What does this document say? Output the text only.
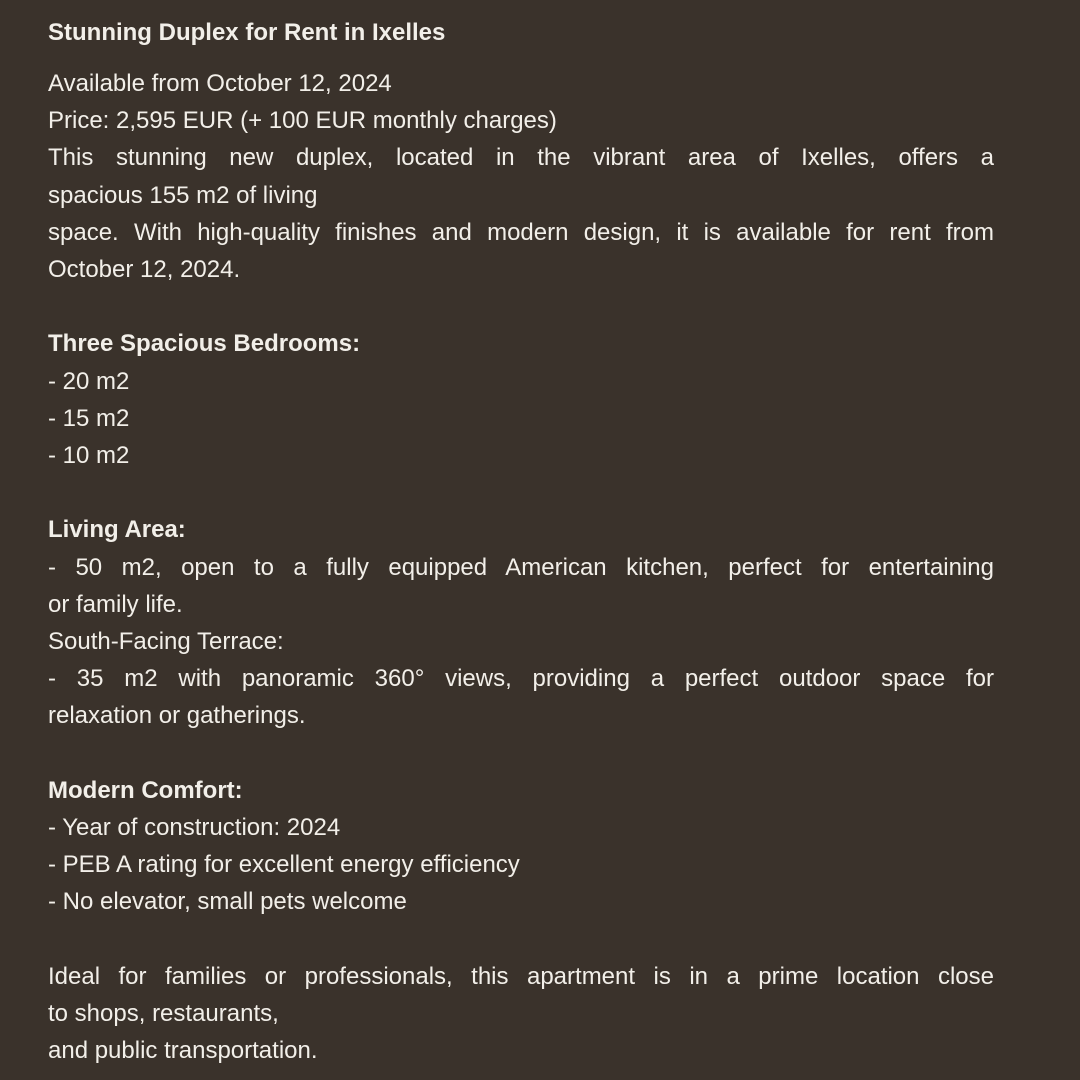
Stunning Duplex for Rent in Ixelles
Available from October 12, 2024
Price: 2,595 EUR (+ 100 EUR monthly charges)
This stunning new duplex, located in the vibrant area of Ixelles, offers a
spacious 155 m2 of living
space. With high-quality finishes and modern design, it is available for rent from
October 12, 2024.
Three Spacious Bedrooms:
- 20 m2
- 15 m2
- 10 m2
Living Area:
- 50 m2, open to a fully equipped American kitchen, perfect for entertaining
or family life.
South-Facing Terrace:
- 35 m2 with panoramic 360° views, providing a perfect outdoor space for
relaxation or gatherings.
Modern Comfort:
- Year of construction: 2024
- PEB A rating for excellent energy efficiency
- No elevator, small pets welcome
Ideal for families or professionals, this apartment is in a prime location close
to shops, restaurants,
and public transportation.
